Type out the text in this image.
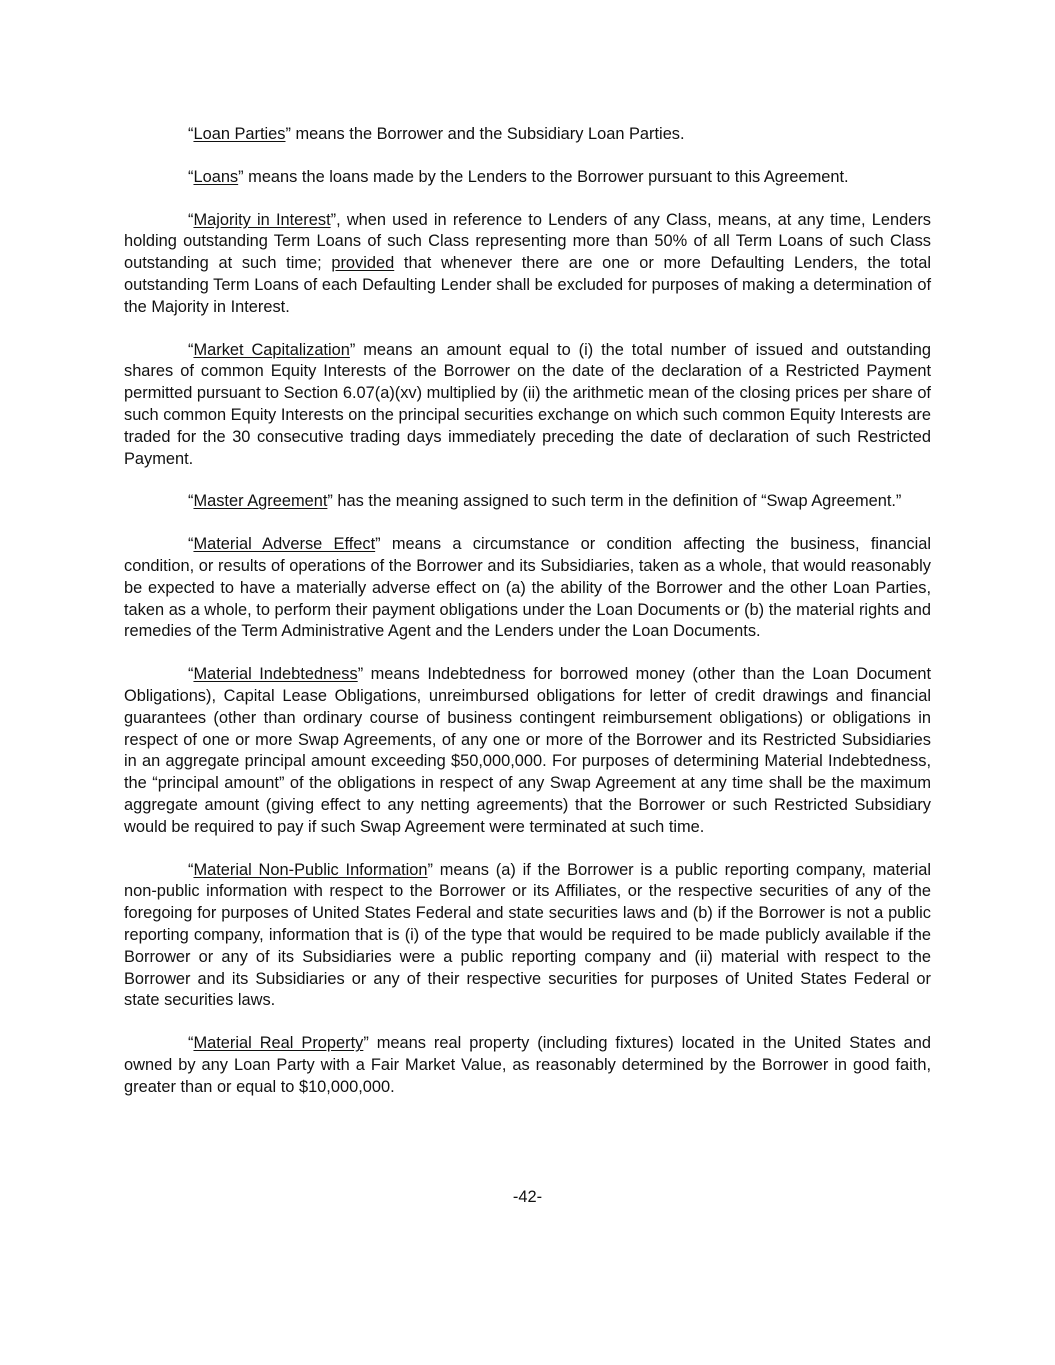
“Loan Parties” means the Borrower and the Subsidiary Loan Parties.

“Loans” means the loans made by the Lenders to the Borrower pursuant to this Agreement.

“Majority in Interest”, when used in reference to Lenders of any Class, means, at any time, Lenders holding outstanding Term Loans of such Class representing more than 50% of all Term Loans of such Class outstanding at such time; provided that whenever there are one or more Defaulting Lenders, the total outstanding Term Loans of each Defaulting Lender shall be excluded for purposes of making a determination of the Majority in Interest.

“Market Capitalization” means an amount equal to (i) the total number of issued and outstanding shares of common Equity Interests of the Borrower on the date of the declaration of a Restricted Payment permitted pursuant to Section 6.07(a)(xv) multiplied by (ii) the arithmetic mean of the closing prices per share of such common Equity Interests on the principal securities exchange on which such common Equity Interests are traded for the 30 consecutive trading days immediately preceding the date of declaration of such Restricted Payment.

“Master Agreement” has the meaning assigned to such term in the definition of “Swap Agreement.”

“Material Adverse Effect” means a circumstance or condition affecting the business, financial condition, or results of operations of the Borrower and its Subsidiaries, taken as a whole, that would reasonably be expected to have a materially adverse effect on (a) the ability of the Borrower and the other Loan Parties, taken as a whole, to perform their payment obligations under the Loan Documents or (b) the material rights and remedies of the Term Administrative Agent and the Lenders under the Loan Documents.

“Material Indebtedness” means Indebtedness for borrowed money (other than the Loan Document Obligations), Capital Lease Obligations, unreimbursed obligations for letter of credit drawings and financial guarantees (other than ordinary course of business contingent reimbursement obligations) or obligations in respect of one or more Swap Agreements, of any one or more of the Borrower and its Restricted Subsidiaries in an aggregate principal amount exceeding $50,000,000. For purposes of determining Material Indebtedness, the “principal amount” of the obligations in respect of any Swap Agreement at any time shall be the maximum aggregate amount (giving effect to any netting agreements) that the Borrower or such Restricted Subsidiary would be required to pay if such Swap Agreement were terminated at such time.

“Material Non-Public Information” means (a) if the Borrower is a public reporting company, material non-public information with respect to the Borrower or its Affiliates, or the respective securities of any of the foregoing for purposes of United States Federal and state securities laws and (b) if the Borrower is not a public reporting company, information that is (i) of the type that would be required to be made publicly available if the Borrower or any of its Subsidiaries were a public reporting company and (ii) material with respect to the Borrower and its Subsidiaries or any of their respective securities for purposes of United States Federal or state securities laws.

“Material Real Property” means real property (including fixtures) located in the United States and owned by any Loan Party with a Fair Market Value, as reasonably determined by the Borrower in good faith, greater than or equal to $10,000,000.

-42-
